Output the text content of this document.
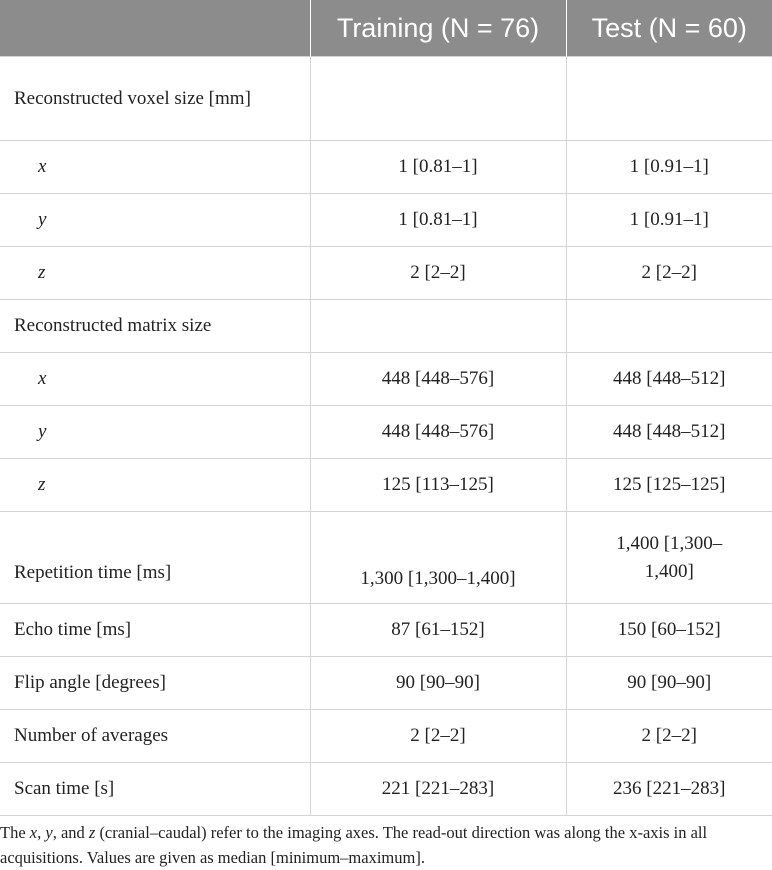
	Training (N = 76)	Test (N = 60)
Reconstructed voxel size [mm]		
x	1 [0.81–1]	1 [0.91–1]
y	1 [0.81–1]	1 [0.91–1]
z	2 [2–2]	2 [2–2]
Reconstructed matrix size		
x	448 [448–576]	448 [448–512]
y	448 [448–576]	448 [448–512]
z	125 [113–125]	125 [125–125]
Repetition time [ms]	1,300 [1,300–1,400]	1,400 [1,300–1,400]
Echo time [ms]	87 [61–152]	150 [60–152]
Flip angle [degrees]	90 [90–90]	90 [90–90]
Number of averages	2 [2–2]	2 [2–2]
Scan time [s]	221 [221–283]	236 [221–283]
The x, y, and z (cranial–caudal) refer to the imaging axes. The read-out direction was along the x-axis in all acquisitions. Values are given as median [minimum–maximum].
